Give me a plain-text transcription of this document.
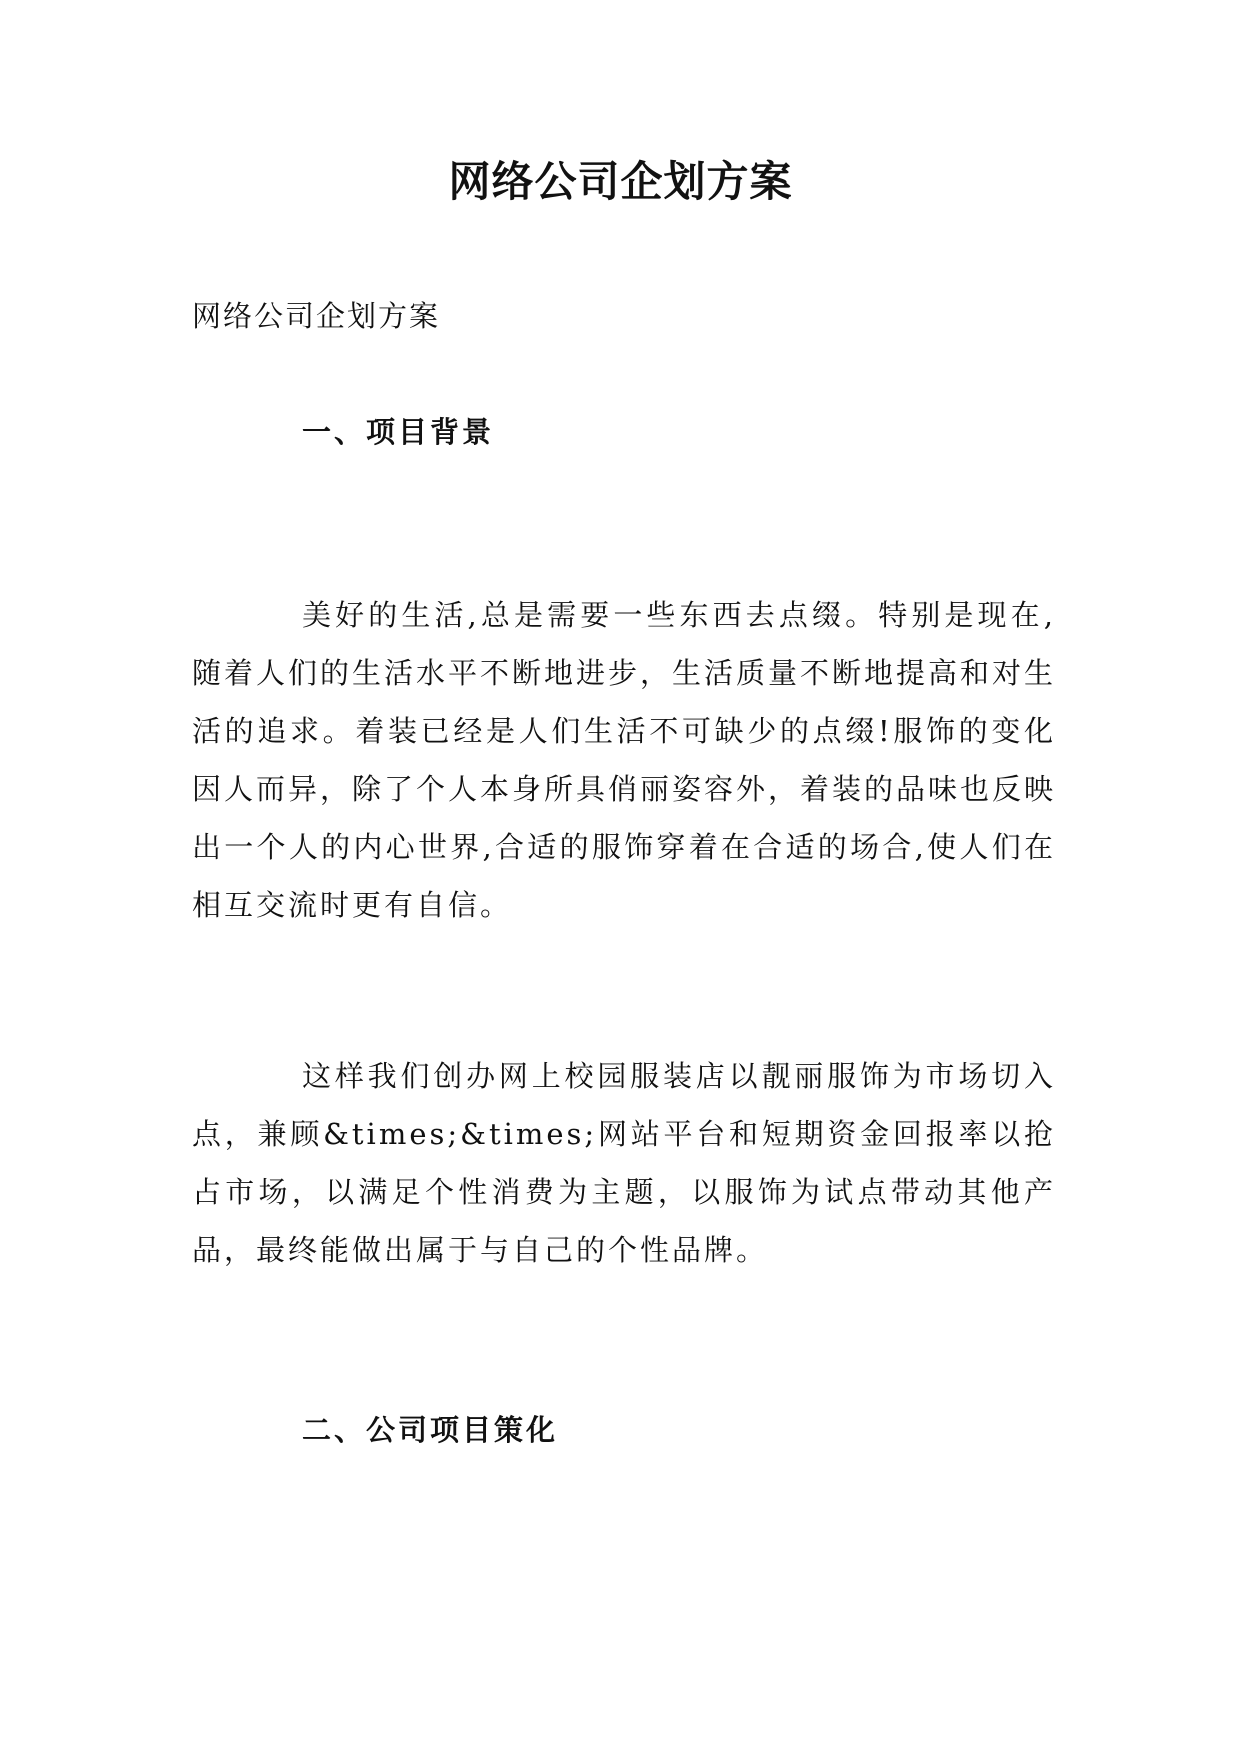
网络公司企划方案

网络公司企划方案

一、项目背景

美好的生活,总是需要一些东西去点缀。特别是现在,随着人们的生活水平不断地进步，生活质量不断地提高和对生活的追求。着装已经是人们生活不可缺少的点缀!服饰的变化因人而异，除了个人本身所具俏丽姿容外，着装的品味也反映出一个人的内心世界,合适的服饰穿着在合适的场合,使人们在相互交流时更有自信。

这样我们创办网上校园服装店以靓丽服饰为市场切入点，兼顾&times;&times;网站平台和短期资金回报率以抢占市场，以满足个性消费为主题，以服饰为试点带动其他产品，最终能做出属于与自己的个性品牌。

二、公司项目策化
